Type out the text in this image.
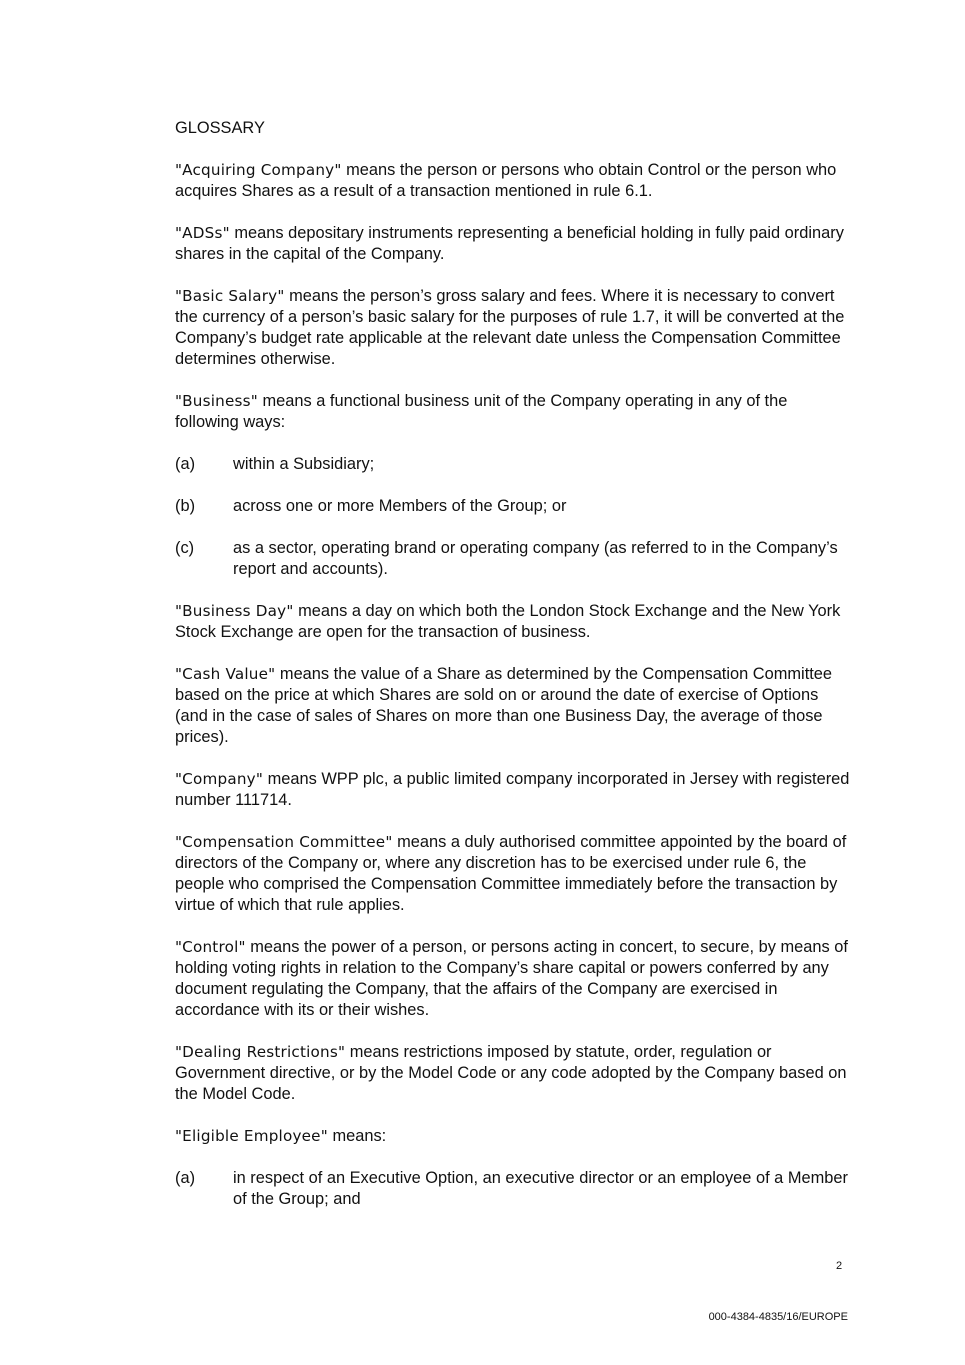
GLOSSARY

"Acquiring Company" means the person or persons who obtain Control or the person who acquires Shares as a result of a transaction mentioned in rule 6.1.

"ADSs" means depositary instruments representing a beneficial holding in fully paid ordinary shares in the capital of the Company.

"Basic Salary" means the person’s gross salary and fees. Where it is necessary to convert the currency of a person’s basic salary for the purposes of rule 1.7, it will be converted at the Company’s budget rate applicable at the relevant date unless the Compensation Committee determines otherwise.

"Business" means a functional business unit of the Company operating in any of the following ways:

(a)	within a Subsidiary;
(b)	across one or more Members of the Group; or
(c)	as a sector, operating brand or operating company (as referred to in the Company’s report and accounts).

"Business Day" means a day on which both the London Stock Exchange and the New York Stock Exchange are open for the transaction of business.

"Cash Value" means the value of a Share as determined by the Compensation Committee based on the price at which Shares are sold on or around the date of exercise of Options (and in the case of sales of Shares on more than one Business Day, the average of those prices).

"Company" means WPP plc, a public limited company incorporated in Jersey with registered number 111714.

"Compensation Committee" means a duly authorised committee appointed by the board of directors of the Company or, where any discretion has to be exercised under rule 6, the people who comprised the Compensation Committee immediately before the transaction by virtue of which that rule applies.

"Control" means the power of a person, or persons acting in concert, to secure, by means of holding voting rights in relation to the Company’s share capital or powers conferred by any document regulating the Company, that the affairs of the Company are exercised in accordance with its or their wishes.

"Dealing Restrictions" means restrictions imposed by statute, order, regulation or Government directive, or by the Model Code or any code adopted by the Company based on the Model Code.

"Eligible Employee" means:

(a)	in respect of an Executive Option, an executive director or an employee of a Member of the Group; and
2
000-4384-4835/16/EUROPE
